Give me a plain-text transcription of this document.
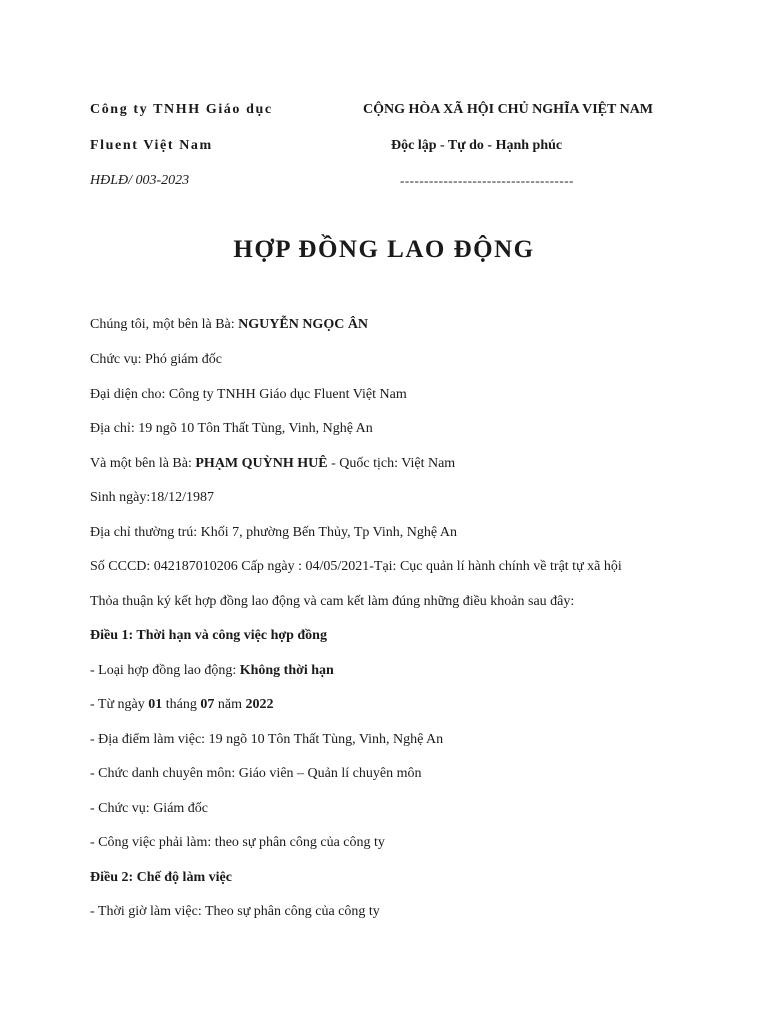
Công ty TNHH Giáo dục
Fluent Việt Nam
HĐLĐ/ 003-2023
CỘNG HÒA XÃ HỘI CHỦ NGHĨA VIỆT NAM
Độc lập - Tự do - Hạnh phúc
------------------------------------
HỢP ĐỒNG LAO ĐỘNG
Chúng tôi, một bên là Bà: NGUYỄN NGỌC ÂN
Chức vụ: Phó giám đốc
Đại diện cho: Công ty TNHH Giáo dục Fluent Việt Nam
Địa chỉ: 19 ngõ 10 Tôn Thất Tùng, Vinh, Nghệ An
Và một bên là Bà: PHẠM QUỲNH HUÊ - Quốc tịch: Việt Nam
Sinh ngày:18/12/1987
Địa chỉ thường trú: Khối 7, phường Bến Thủy, Tp Vinh, Nghệ An
Số CCCD: 042187010206 Cấp ngày : 04/05/2021-Tại: Cục quản lí hành chính về trật tự xã hội
Thỏa thuận ký kết hợp đồng lao động và cam kết làm đúng những điều khoản sau đây:
Điều 1: Thời hạn và công việc hợp đồng
- Loại hợp đồng lao động: Không thời hạn
- Từ ngày 01 tháng 07 năm 2022
- Địa điểm làm việc: 19 ngõ 10 Tôn Thất Tùng, Vinh, Nghệ An
- Chức danh chuyên môn: Giáo viên – Quản lí chuyên môn
- Chức vụ: Giám đốc
- Công việc phải làm: theo sự phân công của công ty
Điều 2: Chế độ làm việc
- Thời giờ làm việc: Theo sự phân công của công ty
